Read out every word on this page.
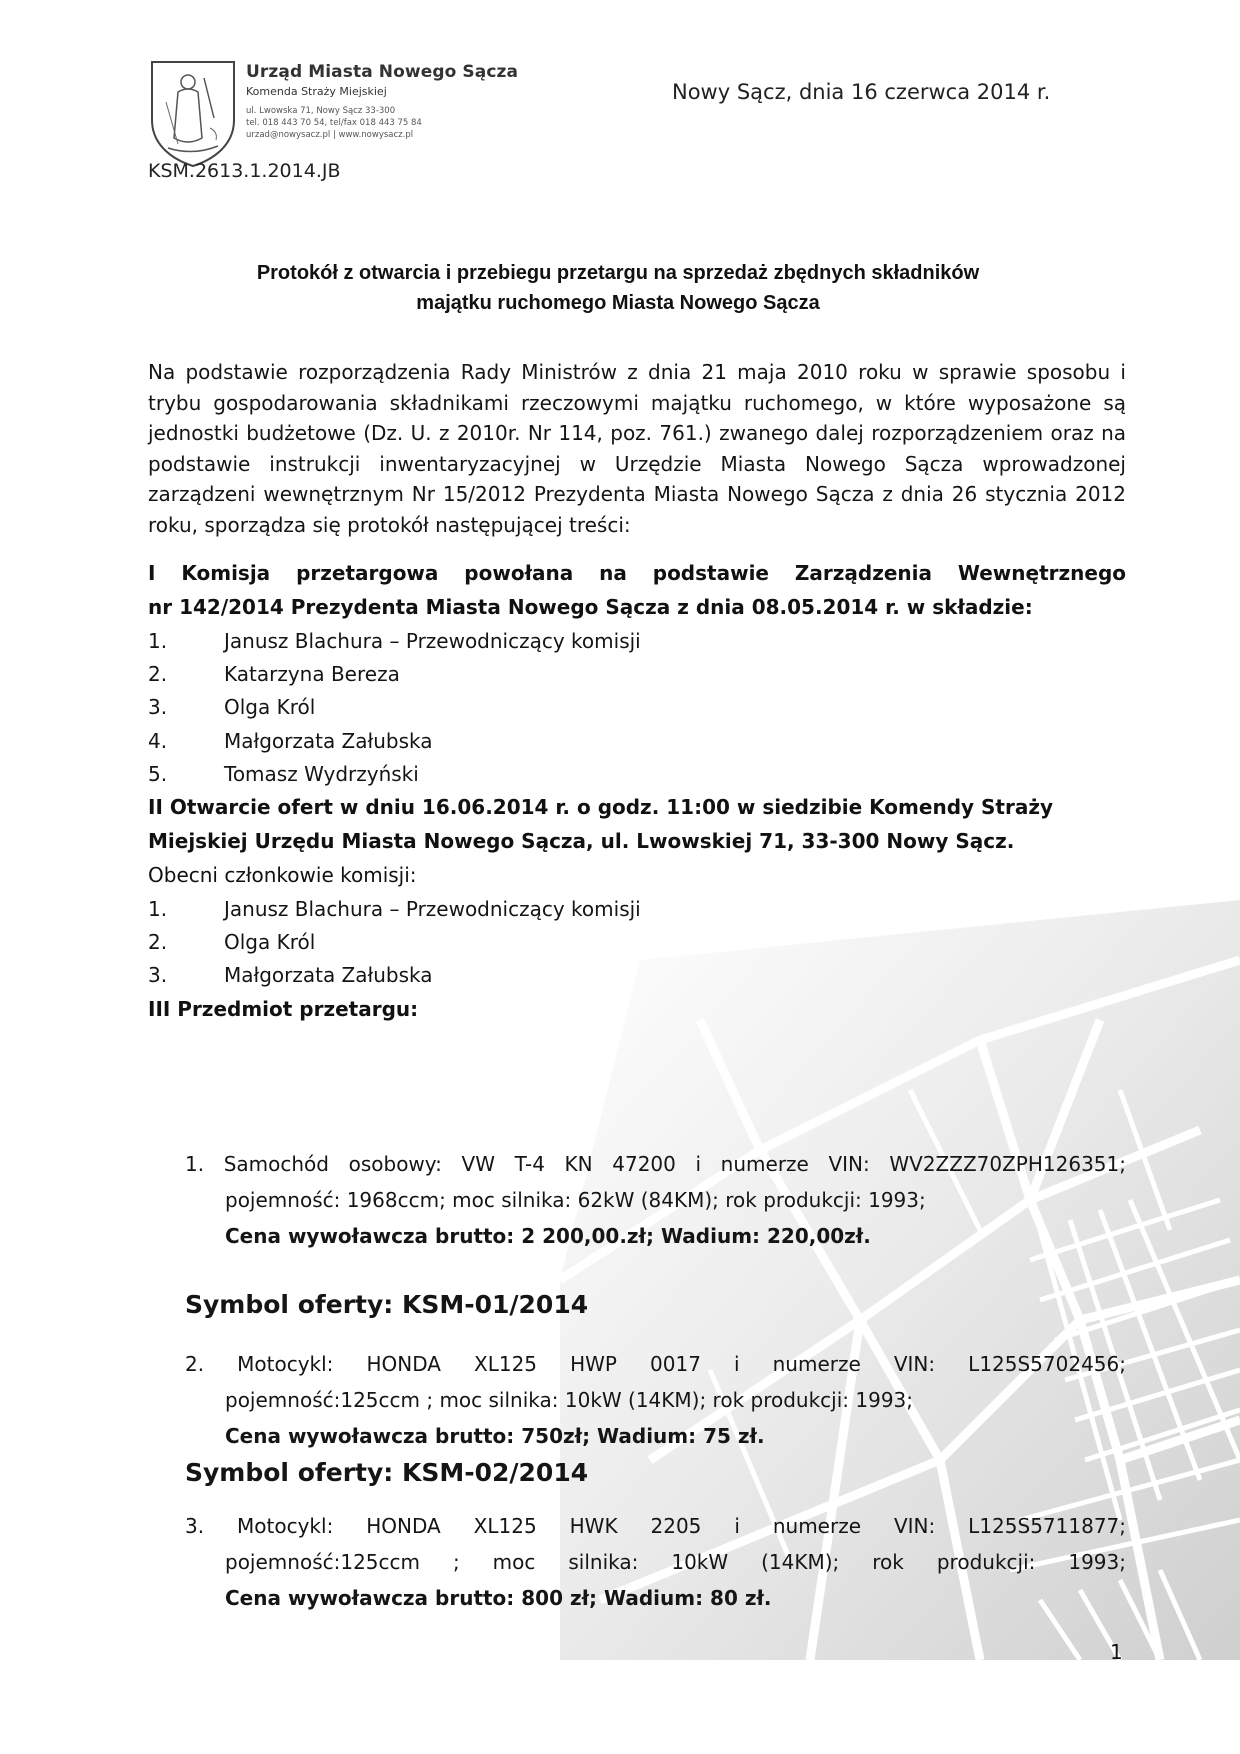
Urząd Miasta Nowego Sącza
Komenda Straży Miejskiej
ul. Lwowska 71, Nowy Sącz 33-300
tel. 018 443 70 54, tel/fax 018 443 75 84
urzad@nowysacz.pl | www.nowysacz.pl
Nowy Sącz, dnia 16 czerwca 2014 r.
KSM.2613.1.2014.JB
Protokół z otwarcia i przebiegu przetargu na sprzedaż zbędnych składników
majątku ruchomego Miasta Nowego Sącza
Na podstawie rozporządzenia Rady Ministrów z dnia 21 maja 2010 roku w sprawie sposobu i trybu gospodarowania składnikami rzeczowymi majątku ruchomego, w które wyposażone są jednostki budżetowe (Dz. U. z 2010r. Nr 114, poz. 761.) zwanego dalej rozporządzeniem oraz na podstawie instrukcji inwentaryzacyjnej w Urzędzie Miasta Nowego Sącza wprowadzonej zarządzeni wewnętrznym Nr 15/2012 Prezydenta Miasta Nowego Sącza z dnia 26 stycznia 2012 roku, sporządza się protokół następującej treści:
I Komisja przetargowa powołana na podstawie Zarządzenia Wewnętrznego
nr 142/2014 Prezydenta Miasta Nowego Sącza z dnia 08.05.2014 r. w składzie:
1.	Janusz Blachura – Przewodniczący komisji
2.	Katarzyna Bereza
3.	Olga Król
4.	Małgorzata Załubska
5.	Tomasz Wydrzyński
II Otwarcie ofert w dniu 16.06.2014 r. o godz. 11:00 w siedzibie Komendy Straży
Miejskiej Urzędu Miasta Nowego Sącza, ul. Lwowskiej 71, 33-300 Nowy Sącz.
Obecni członkowie komisji:
1.	Janusz Blachura – Przewodniczący komisji
2.	Olga Król
3.	Małgorzata Załubska
III Przedmiot przetargu:
1. Samochód osobowy: VW T-4 KN 47200 i numerze VIN: WV2ZZZ70ZPH126351;
pojemność: 1968ccm; moc silnika: 62kW (84KM); rok produkcji: 1993;
Cena wywoławcza brutto: 2 200,00.zł; Wadium: 220,00zł.
Symbol oferty: KSM-01/2014
2. Motocykl: HONDA XL125 HWP 0017 i numerze VIN: L125S5702456;
pojemność:125ccm ; moc silnika: 10kW (14KM); rok produkcji: 1993;
Cena wywoławcza brutto: 750zł; Wadium: 75 zł.
Symbol oferty: KSM-02/2014
3. Motocykl: HONDA XL125 HWK 2205 i numerze VIN: L125S5711877;
pojemność:125ccm ; moc silnika: 10kW (14KM); rok produkcji: 1993;
Cena wywoławcza brutto: 800 zł; Wadium: 80 zł.
1
